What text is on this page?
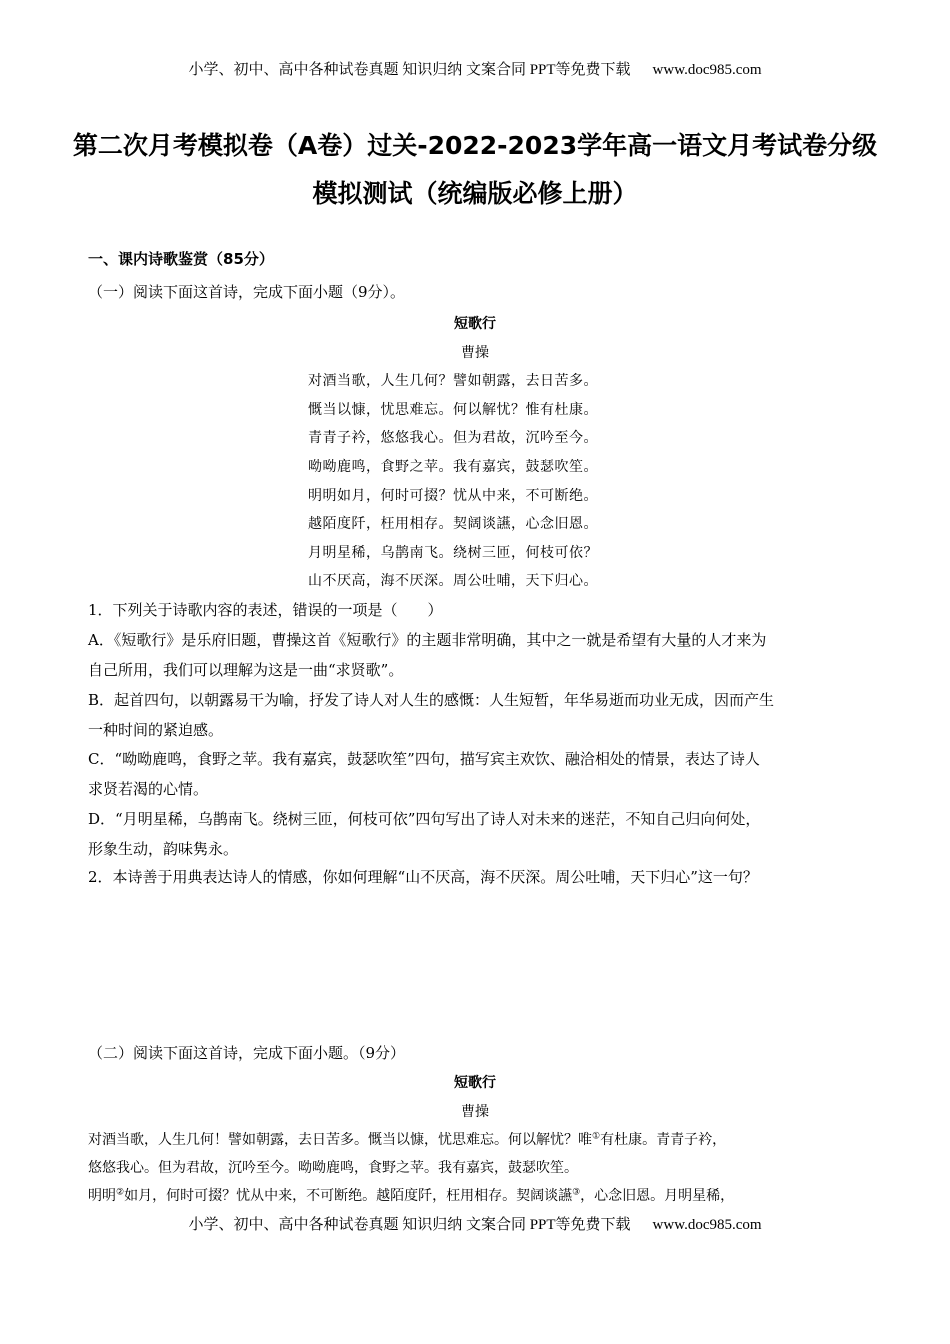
小学、初中、高中各种试卷真题 知识归纳 文案合同 PPT等免费下载 www.doc985.com
第二次月考模拟卷（A卷）过关-2022-2023学年高一语文月考试卷分级模拟测试（统编版必修上册）
一、课内诗歌鉴赏（85分）
（一）阅读下面这首诗，完成下面小题（9分）。
短歌行
曹操
对酒当歌，人生几何？譬如朝露，去日苦多。
慨当以慷，忧思难忘。何以解忧？惟有杜康。
青青子衿，悠悠我心。但为君故，沉吟至今。
呦呦鹿鸣，食野之苹。我有嘉宾，鼓瑟吹笙。
明明如月，何时可掇？忧从中来，不可断绝。
越陌度阡，枉用相存。契阔谈讌，心念旧恩。
月明星稀，乌鹊南飞。绕树三匝，何枝可依？
山不厌高，海不厌深。周公吐哺，天下归心。
1．下列关于诗歌内容的表述，错误的一项是（　　）
A．《短歌行》是乐府旧题，曹操这首《短歌行》的主题非常明确，其中之一就是希望有大量的人才来为
自己所用，我们可以理解为这是一曲“求贤歌”。
B．起首四句，以朝露易干为喻，抒发了诗人对人生的感慨：人生短暂，年华易逝而功业无成，因而产生
一种时间的紧迫感。
C．“呦呦鹿鸣，食野之苹。我有嘉宾，鼓瑟吹笙”四句，描写宾主欢饮、融洽相处的情景，表达了诗人
求贤若渴的心情。
D．“月明星稀，乌鹊南飞。绕树三匝，何枝可依”四句写出了诗人对未来的迷茫，不知自己归向何处，
形象生动，韵味隽永。
2．本诗善于用典表达诗人的情感，你如何理解“山不厌高，海不厌深。周公吐哺，天下归心”这一句？
（二）阅读下面这首诗，完成下面小题。（9分）
短歌行
曹操
对酒当歌，人生几何！譬如朝露，去日苦多。慨当以慷，忧思难忘。何以解忧？唯①有杜康。青青子衿，
悠悠我心。但为君故，沉吟至今。呦呦鹿鸣，食野之苹。我有嘉宾，鼓瑟吹笙。
明明②如月，何时可掇？忧从中来，不可断绝。越陌度阡，枉用相存。契阔谈讌③，心念旧恩。月明星稀，
小学、初中、高中各种试卷真题 知识归纳 文案合同 PPT等免费下载 www.doc985.com
